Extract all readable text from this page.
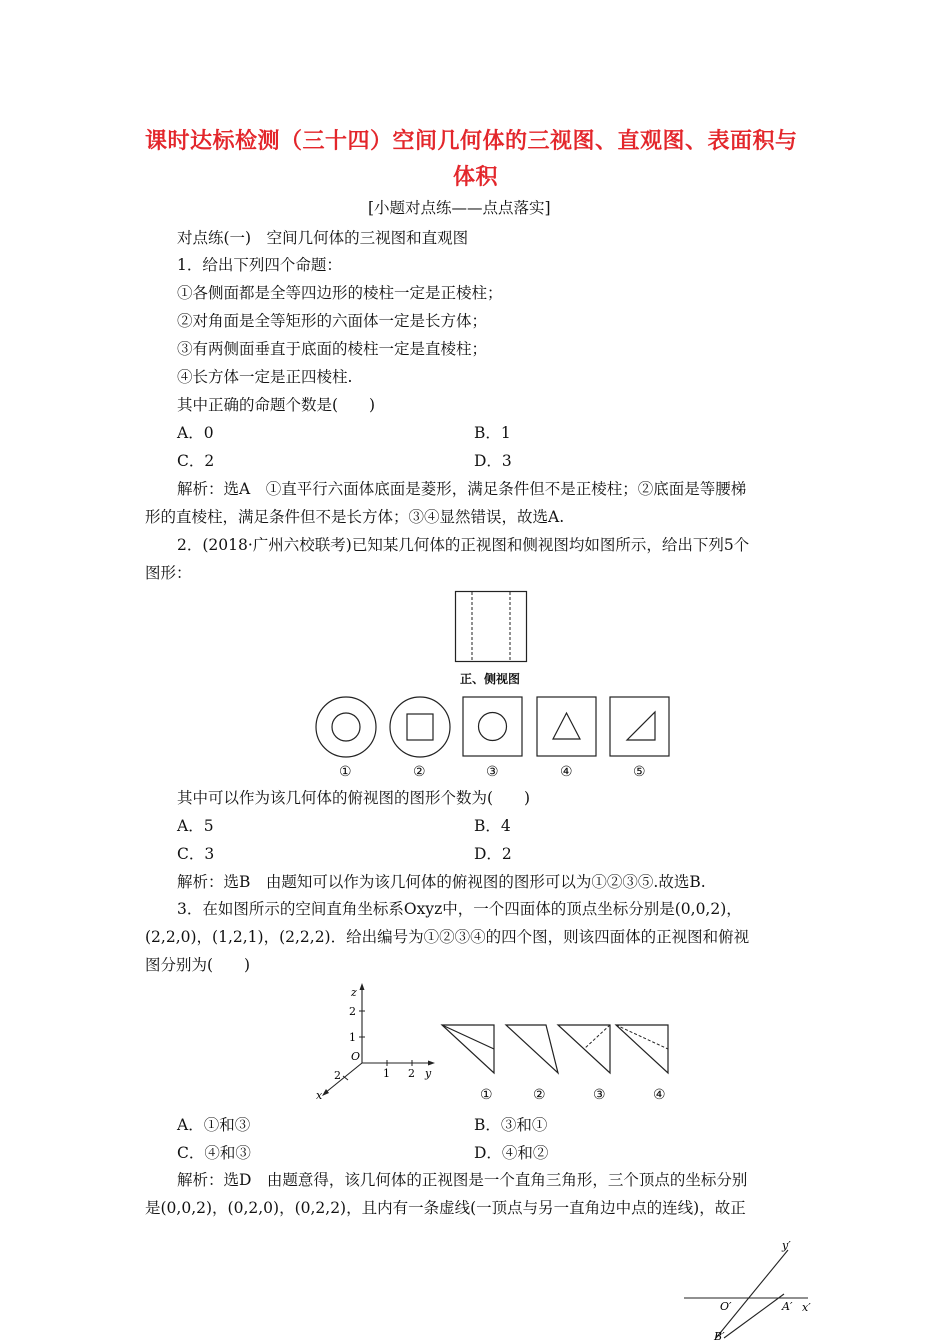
课时达标检测（三十四）空间几何体的三视图、直观图、表面积与
体积
[小题对点练——点点落实]
对点练(一)　空间几何体的三视图和直观图
1．给出下列四个命题：
①各侧面都是全等四边形的棱柱一定是正棱柱；
②对角面是全等矩形的六面体一定是长方体；
③有两侧面垂直于底面的棱柱一定是直棱柱；
④长方体一定是正四棱柱.
其中正确的命题个数是(　　)
A．0	B．1
C．2	D．3
解析：选A　①直平行六面体底面是菱形，满足条件但不是正棱柱；②底面是等腰梯
形的直棱柱，满足条件但不是长方体；③④显然错误，故选A.
2．(2018·广州六校联考)已知某几何体的正视图和侧视图均如图所示，给出下列5个
图形：
正、侧视图
①	②	③	④	⑤
其中可以作为该几何体的俯视图的图形个数为(　　)
A．5	B．4
C．3	D．2
解析：选B　由题知可以作为该几何体的俯视图的图形可以为①②③⑤.故选B.
3．在如图所示的空间直角坐标系Oxyz中，一个四面体的顶点坐标分别是(0,0,2)，
(2,2,0)，(1,2,1)，(2,2,2)．给出编号为①②③④的四个图，则该四面体的正视图和俯视
图分别为(　　)
z
2
1
O
1 2 y
2
x	①	②	③	④
A．①和③	B．③和①
C．④和③	D．④和②
解析：选D　由题意得，该几何体的正视图是一个直角三角形，三个顶点的坐标分别
是(0,0,2)，(0,2,0)，(0,2,2)，且内有一条虚线(一顶点与另一直角边中点的连线)，故正
y′
x′
O′	A′
B′
